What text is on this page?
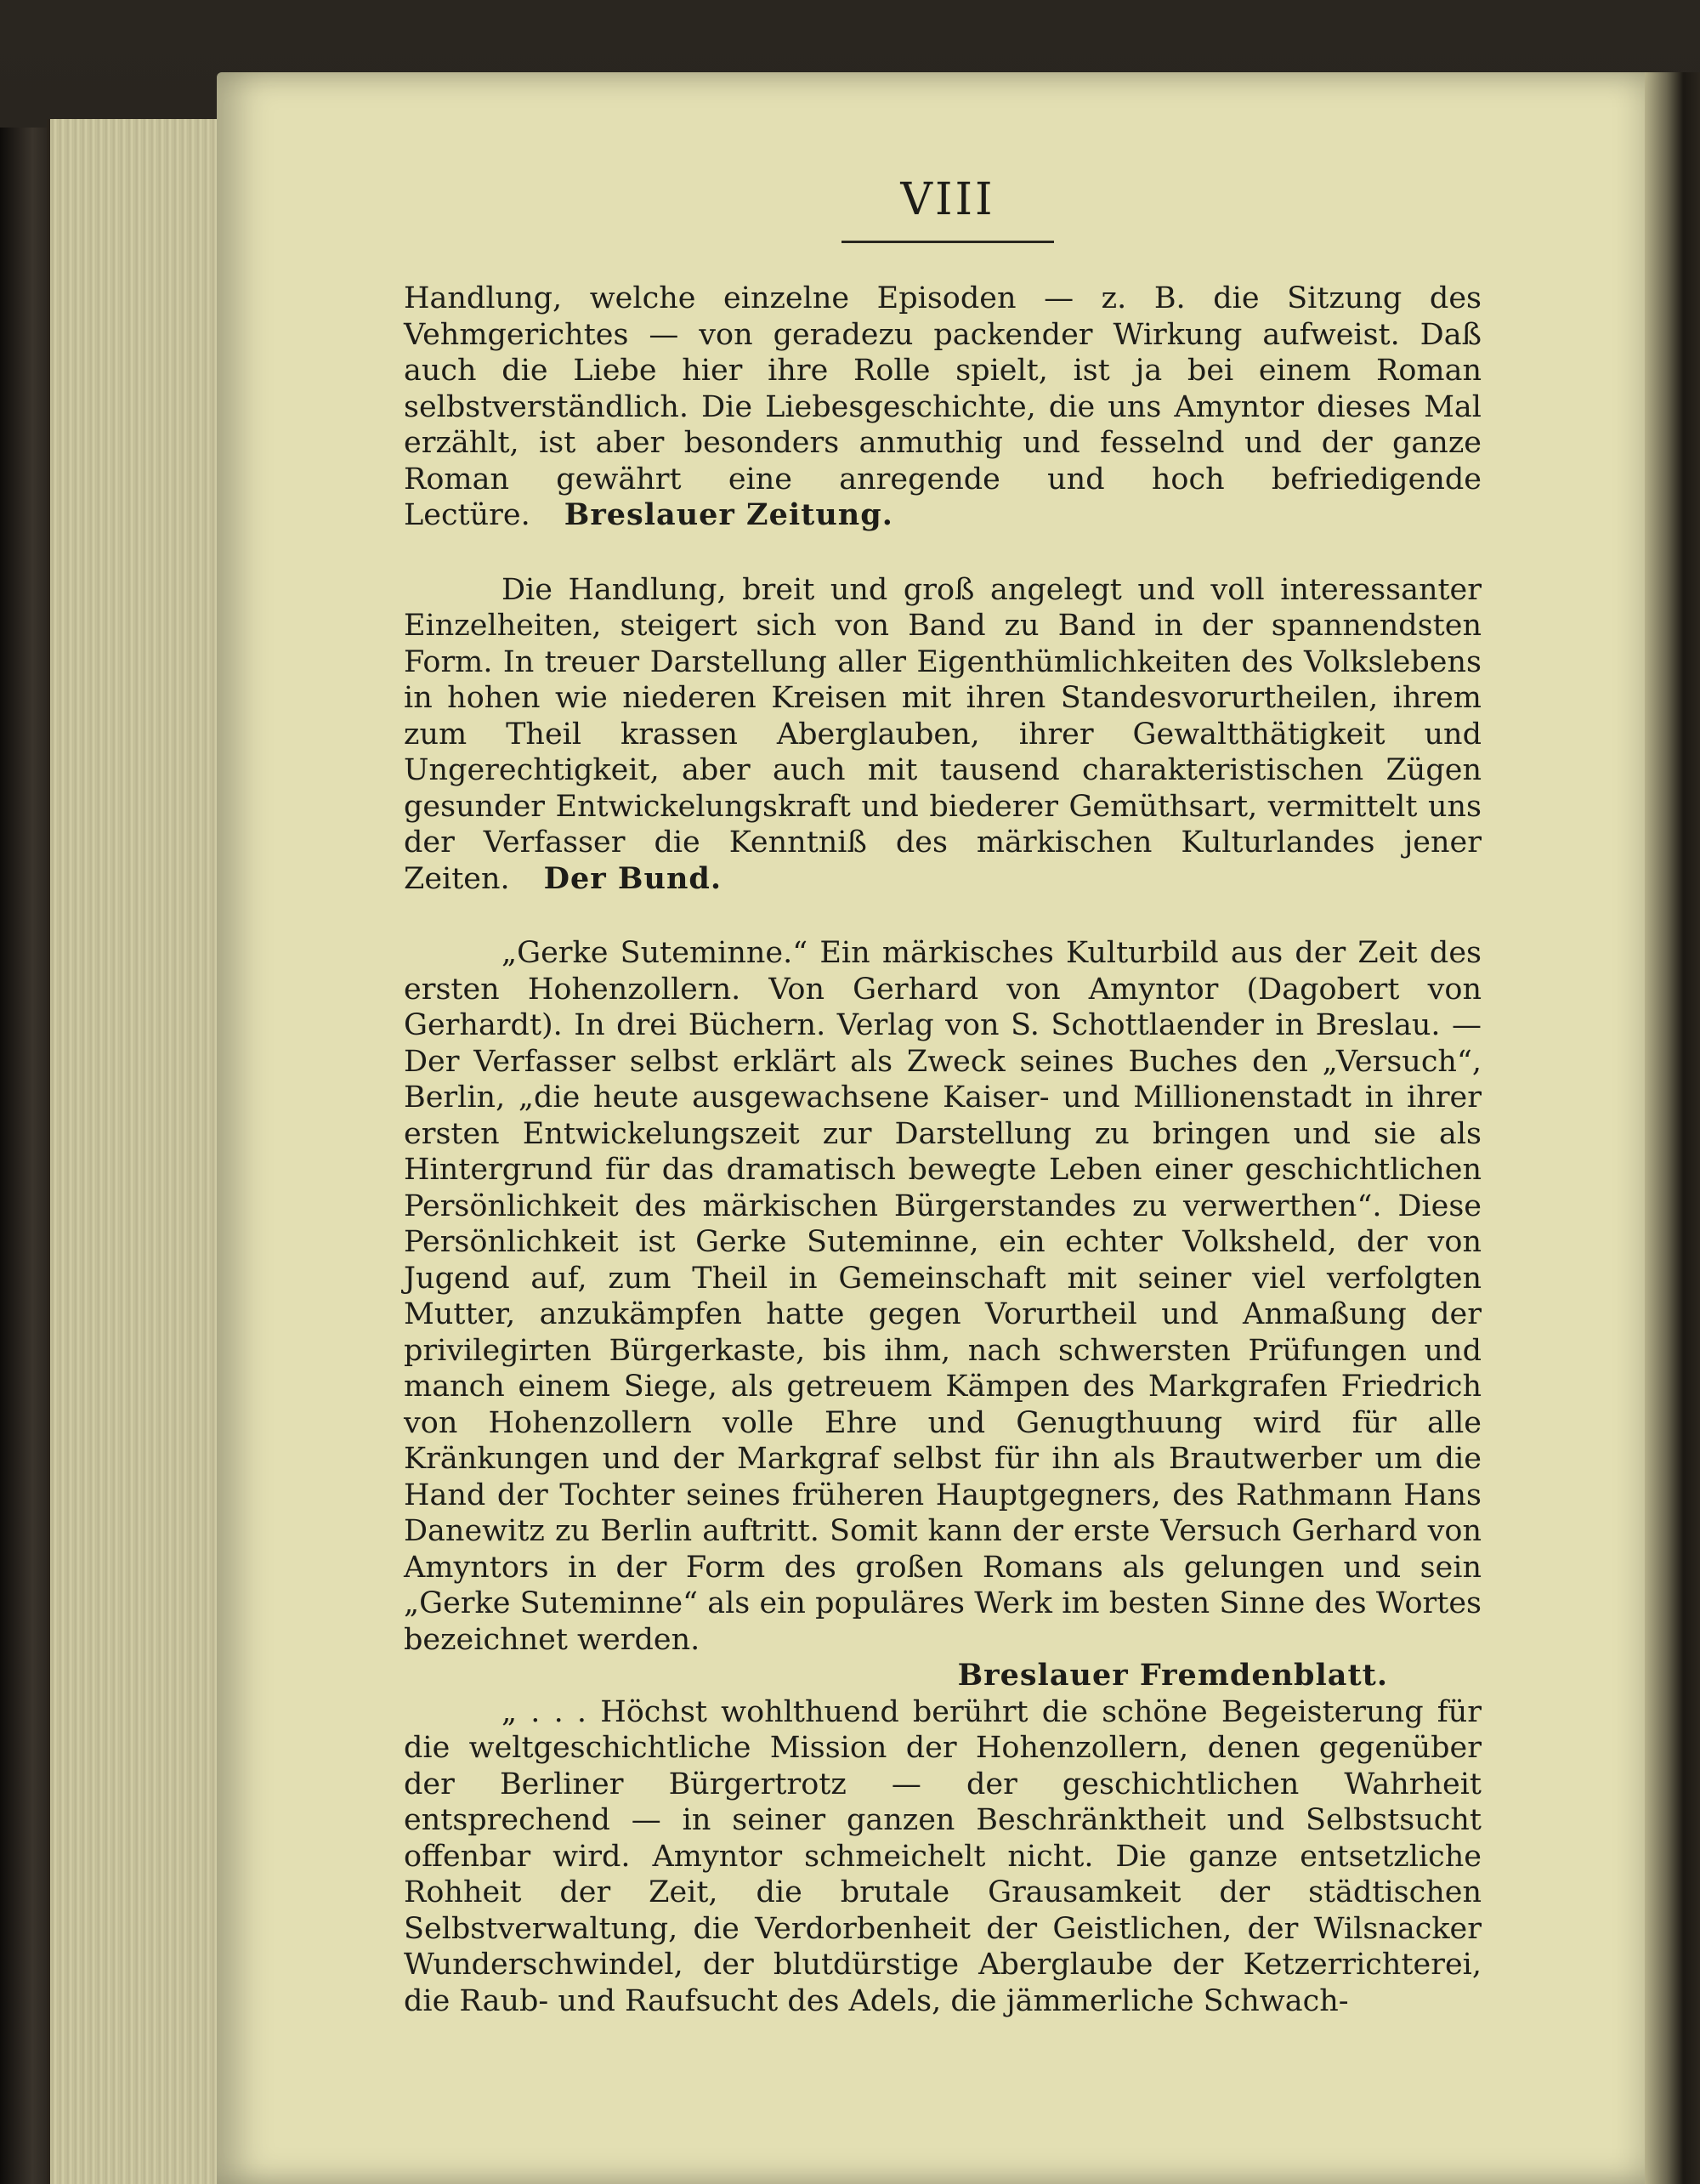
VIII

Handlung, welche einzelne Episoden — z. B. die Sitzung des Vehmgerichtes — von geradezu packender Wirkung aufweist. Daß auch die Liebe hier ihre Rolle spielt, ist ja bei einem Roman selbstverständlich. Die Liebesgeschichte, die uns Amyntor dieses Mal erzählt, ist aber besonders anmuthig und fesselnd und der ganze Roman gewährt eine anregende und hoch befriedigende Lectüre. Breslauer Zeitung.

Die Handlung, breit und groß angelegt und voll interessanter Einzelheiten, steigert sich von Band zu Band in der spannendsten Form. In treuer Darstellung aller Eigenthümlichkeiten des Volkslebens in hohen wie niederen Kreisen mit ihren Standesvorurtheilen, ihrem zum Theil krassen Aberglauben, ihrer Gewaltthätigkeit und Ungerechtigkeit, aber auch mit tausend charakteristischen Zügen gesunder Entwickelungskraft und biederer Gemüthsart, vermittelt uns der Verfasser die Kenntniß des märkischen Kulturlandes jener Zeiten. Der Bund.

„Gerke Suteminne.“ Ein märkisches Kulturbild aus der Zeit des ersten Hohenzollern. Von Gerhard von Amyntor (Dagobert von Gerhardt). In drei Büchern. Verlag von S. Schottlaender in Breslau. — Der Verfasser selbst erklärt als Zweck seines Buches den „Versuch“, Berlin, „die heute ausgewachsene Kaiser- und Millionenstadt in ihrer ersten Entwickelungszeit zur Darstellung zu bringen und sie als Hintergrund für das dramatisch bewegte Leben einer geschichtlichen Persönlichkeit des märkischen Bürgerstandes zu verwerthen“. Diese Persönlichkeit ist Gerke Suteminne, ein echter Volksheld, der von Jugend auf, zum Theil in Gemeinschaft mit seiner viel verfolgten Mutter, anzukämpfen hatte gegen Vorurtheil und Anmaßung der privilegirten Bürgerkaste, bis ihm, nach schwersten Prüfungen und manch einem Siege, als getreuem Kämpen des Markgrafen Friedrich von Hohenzollern volle Ehre und Genugthuung wird für alle Kränkungen und der Markgraf selbst für ihn als Brautwerber um die Hand der Tochter seines früheren Hauptgegners, des Rathmann Hans Danewitz zu Berlin auftritt. Somit kann der erste Versuch Gerhard von Amyntors in der Form des großen Romans als gelungen und sein „Gerke Suteminne“ als ein populäres Werk im besten Sinne des Wortes bezeichnet werden.

Breslauer Fremdenblatt.

„ . . . Höchst wohlthuend berührt die schöne Begeisterung für die weltgeschichtliche Mission der Hohenzollern, denen gegenüber der Berliner Bürgertrotz — der geschichtlichen Wahrheit entsprechend — in seiner ganzen Beschränktheit und Selbstsucht offenbar wird. Amyntor schmeichelt nicht. Die ganze entsetzliche Rohheit der Zeit, die brutale Grausamkeit der städtischen Selbstverwaltung, die Verdorbenheit der Geistlichen, der Wilsnacker Wunderschwindel, der blutdürstige Aberglaube der Ketzerrichterei, die Raub- und Raufsucht des Adels, die jämmerliche Schwach-
